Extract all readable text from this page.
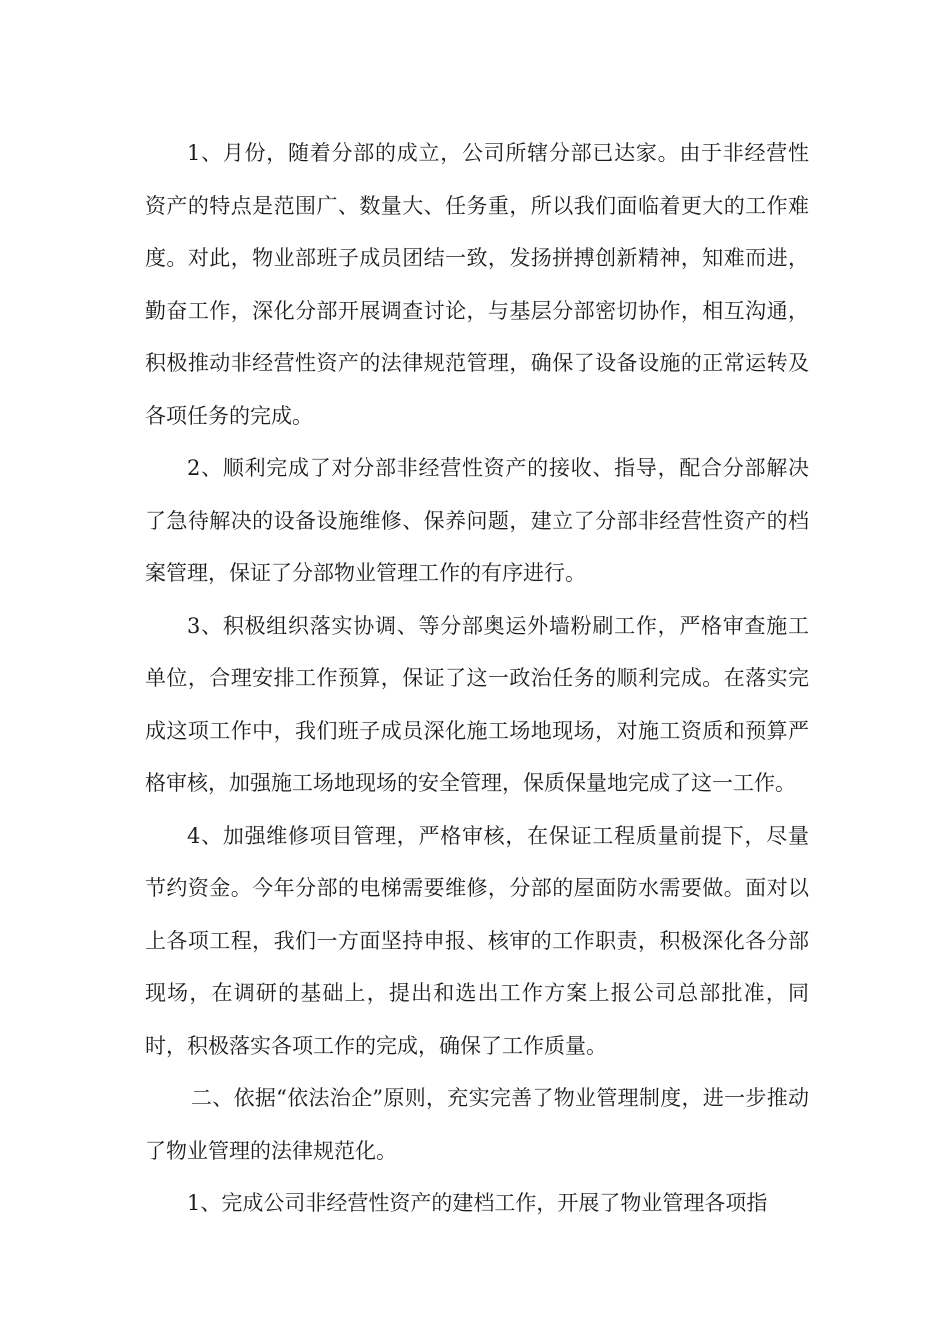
1、月份，随着分部的成立，公司所辖分部已达家。由于非经营性资产的特点是范围广、数量大、任务重，所以我们面临着更大的工作难度。对此，物业部班子成员团结一致，发扬拼搏创新精神，知难而进，勤奋工作，深化分部开展调查讨论，与基层分部密切协作，相互沟通，积极推动非经营性资产的法律规范管理，确保了设备设施的正常运转及各项任务的完成。

2、顺利完成了对分部非经营性资产的接收、指导，配合分部解决了急待解决的设备设施维修、保养问题，建立了分部非经营性资产的档案管理，保证了分部物业管理工作的有序进行。

3、积极组织落实协调、等分部奥运外墙粉刷工作，严格审查施工单位，合理安排工作预算，保证了这一政治任务的顺利完成。在落实完成这项工作中，我们班子成员深化施工场地现场，对施工资质和预算严格审核，加强施工场地现场的安全管理，保质保量地完成了这一工作。

4、加强维修项目管理，严格审核，在保证工程质量前提下，尽量节约资金。今年分部的电梯需要维修，分部的屋面防水需要做。面对以上各项工程，我们一方面坚持申报、核审的工作职责，积极深化各分部现场，在调研的基础上，提出和选出工作方案上报公司总部批准，同时，积极落实各项工作的完成，确保了工作质量。

二、依据“依法治企”原则，充实完善了物业管理制度，进一步推动了物业管理的法律规范化。

1、完成公司非经营性资产的建档工作，开展了物业管理各项指
